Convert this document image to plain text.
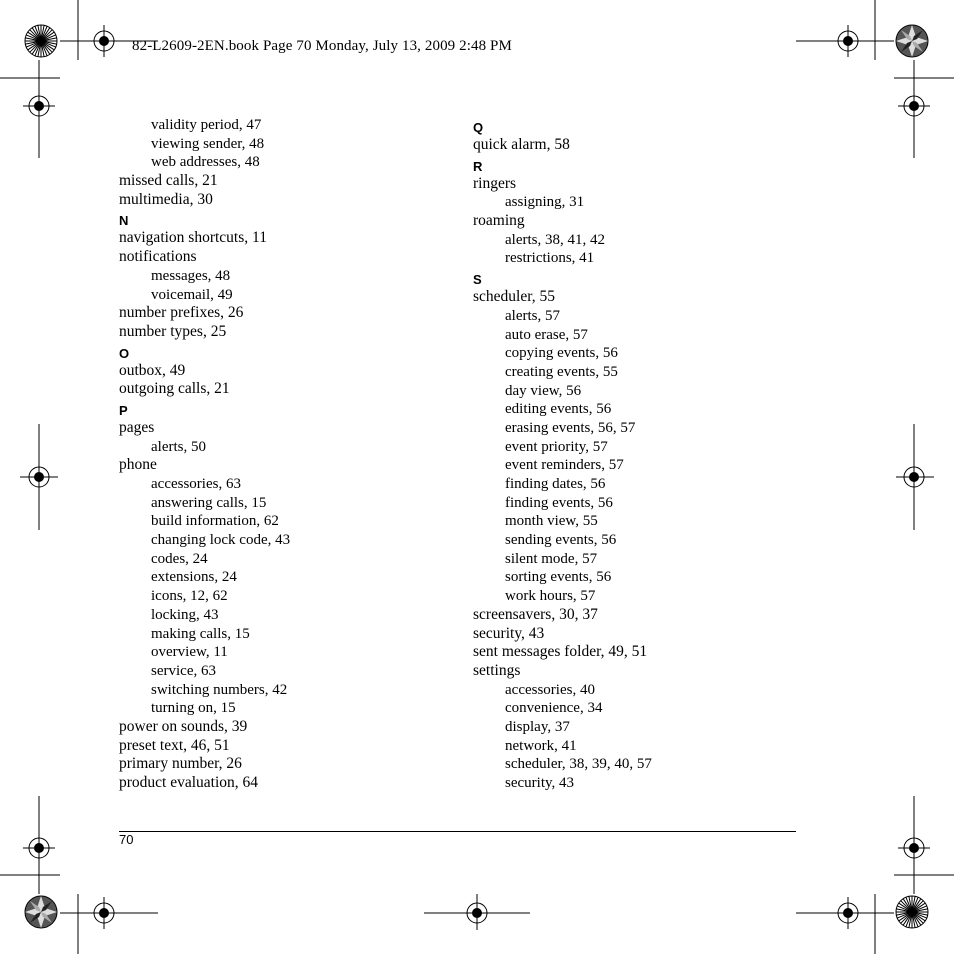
82-L2609-2EN.book Page 70 Monday, July 13, 2009 2:48 PM
validity period, 47
viewing sender, 48
web addresses, 48
missed calls, 21
multimedia, 30
N
navigation shortcuts, 11
notifications
messages, 48
voicemail, 49
number prefixes, 26
number types, 25
O
outbox, 49
outgoing calls, 21
P
pages
alerts, 50
phone
accessories, 63
answering calls, 15
build information, 62
changing lock code, 43
codes, 24
extensions, 24
icons, 12, 62
locking, 43
making calls, 15
overview, 11
service, 63
switching numbers, 42
turning on, 15
power on sounds, 39
preset text, 46, 51
primary number, 26
product evaluation, 64
Q
quick alarm, 58
R
ringers
assigning, 31
roaming
alerts, 38, 41, 42
restrictions, 41
S
scheduler, 55
alerts, 57
auto erase, 57
copying events, 56
creating events, 55
day view, 56
editing events, 56
erasing events, 56, 57
event priority, 57
event reminders, 57
finding dates, 56
finding events, 56
month view, 55
sending events, 56
silent mode, 57
sorting events, 56
work hours, 57
screensavers, 30, 37
security, 43
sent messages folder, 49, 51
settings
accessories, 40
convenience, 34
display, 37
network, 41
scheduler, 38, 39, 40, 57
security, 43
70
